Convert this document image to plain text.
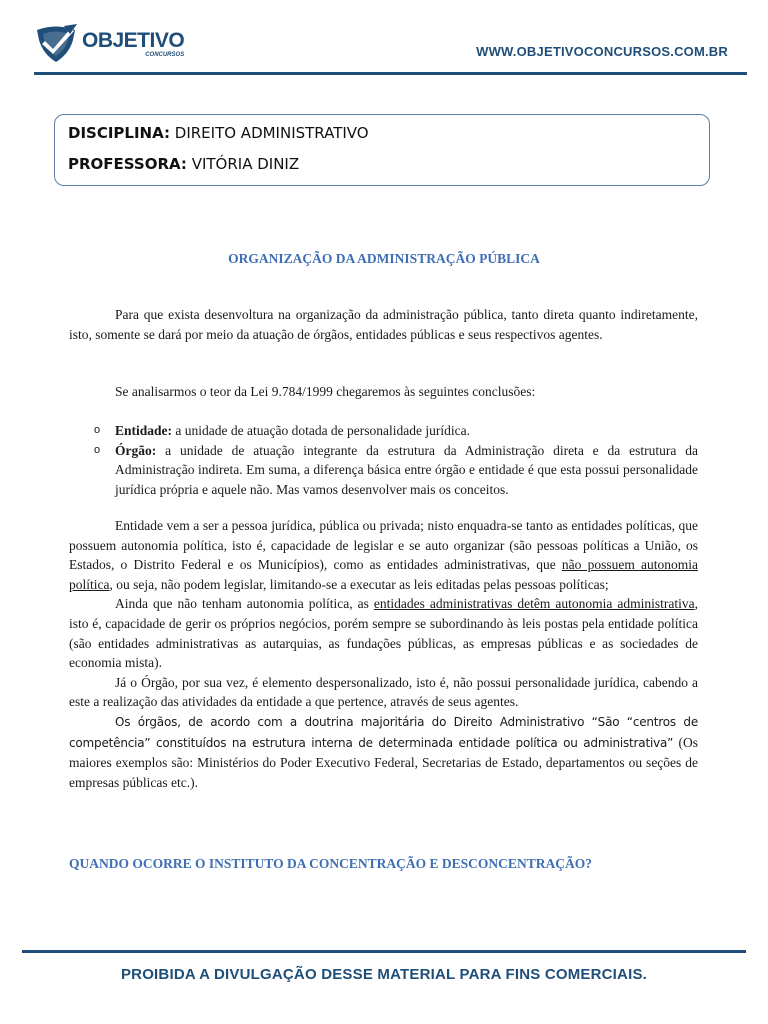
OBJETIVO
CONCURSOS	WWW.OBJETIVOCONCURSOS.COM.BR
DISCIPLINA: DIREITO ADMINISTRATIVO
PROFESSORA: VITÓRIA DINIZ
ORGANIZAÇÃO DA ADMINISTRAÇÃO PÚBLICA

Para que exista desenvoltura na organização da administração pública, tanto direta quanto indiretamente, isto, somente se dará por meio da atuação de órgãos, entidades públicas e seus respectivos agentes.

Se analisarmos o teor da Lei 9.784/1999 chegaremos às seguintes conclusões:

o Entidade: a unidade de atuação dotada de personalidade jurídica.

o Órgão: a unidade de atuação integrante da estrutura da Administração direta e da estrutura da Administração indireta. Em suma, a diferença básica entre órgão e entidade é que esta possui personalidade jurídica própria e aquele não. Mas vamos desenvolver mais os conceitos.

Entidade vem a ser a pessoa jurídica, pública ou privada; nisto enquadra-se tanto as entidades políticas, que possuem autonomia política, isto é, capacidade de legislar e se auto organizar (são pessoas políticas a União, os Estados, o Distrito Federal e os Municípios), como as entidades administrativas, que não possuem autonomia política, ou seja, não podem legislar, limitando-se a executar as leis editadas pelas pessoas políticas;

Ainda que não tenham autonomia política, as entidades administrativas detêm autonomia administrativa, isto é, capacidade de gerir os próprios negócios, porém sempre se subordinando às leis postas pela entidade política (são entidades administrativas as autarquias, as fundações públicas, as empresas públicas e as sociedades de economia mista).

Já o Órgão, por sua vez, é elemento despersonalizado, isto é, não possui personalidade jurídica, cabendo a este a realização das atividades da entidade a que pertence, através de seus agentes.

Os órgãos, de acordo com a doutrina majoritária do Direito Administrativo “São “centros de competência” constituídos na estrutura interna de determinada entidade política ou administrativa” (Os maiores exemplos são: Ministérios do Poder Executivo Federal, Secretarias de Estado, departamentos ou seções de empresas públicas etc.).

QUANDO OCORRE O INSTITUTO DA CONCENTRAÇÃO E DESCONCENTRAÇÃO?
PROIBIDA A DIVULGAÇÃO DESSE MATERIAL PARA FINS COMERCIAIS.
